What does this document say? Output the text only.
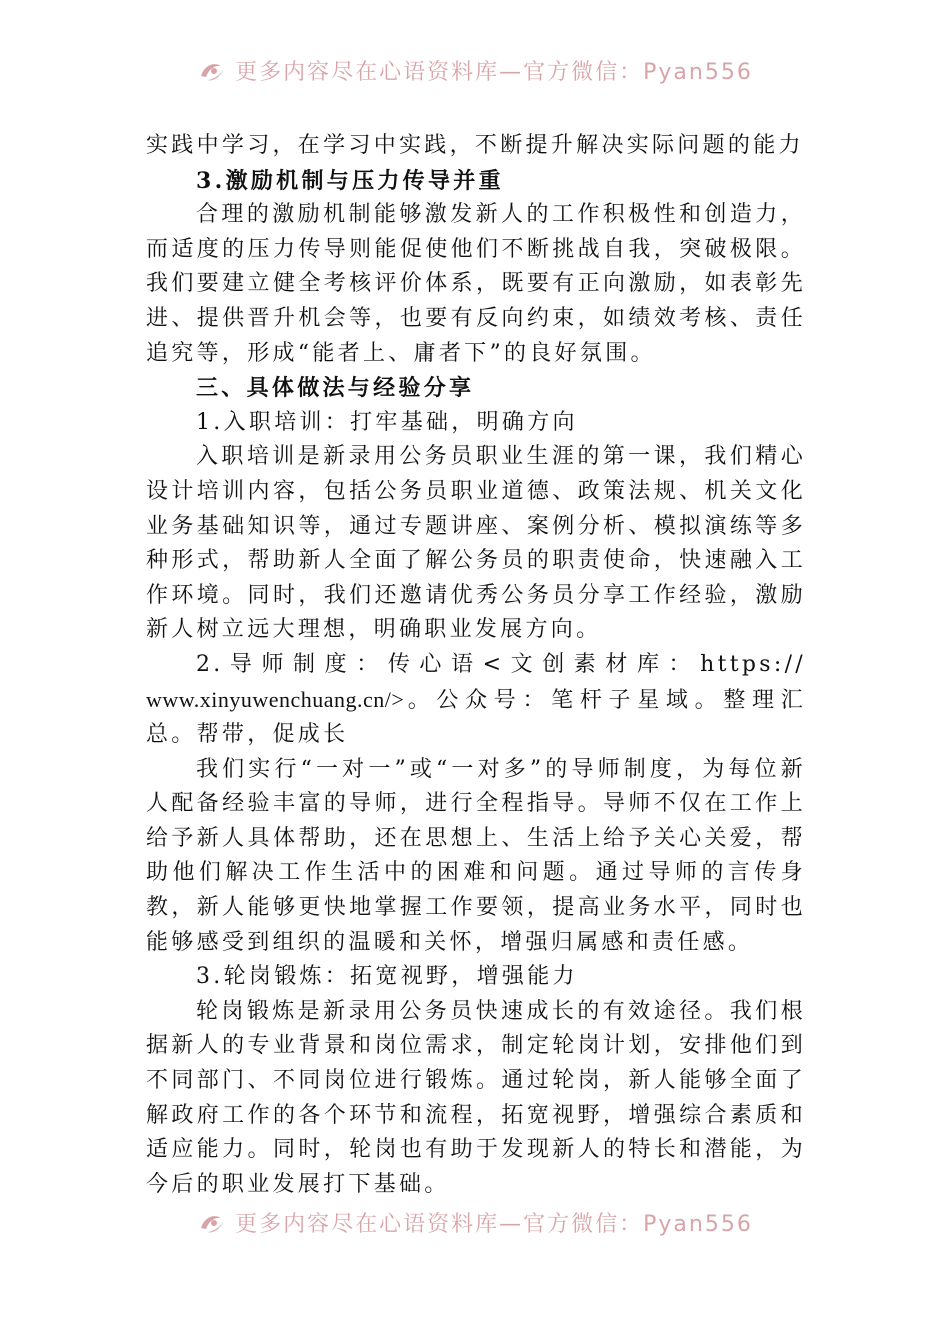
更多内容尽在心语资料库—官方微信：Pyan556

实践中学习，在学习中实践，不断提升解决实际问题的能力

3.激励机制与压力传导并重

合理的激励机制能够激发新人的工作积极性和创造力，而适度的压力传导则能促使他们不断挑战自我，突破极限。我们要建立健全考核评价体系，既要有正向激励，如表彰先进、提供晋升机会等，也要有反向约束，如绩效考核、责任追究等，形成“能者上、庸者下”的良好氛围。

三、具体做法与经验分享

1.入职培训：打牢基础，明确方向

入职培训是新录用公务员职业生涯的第一课，我们精心设计培训内容，包括公务员职业道德、政策法规、机关文化业务基础知识等，通过专题讲座、案例分析、模拟演练等多种形式，帮助新人全面了解公务员的职责使命，快速融入工作环境。同时，我们还邀请优秀公务员分享工作经验，激励新人树立远大理想，明确职业发展方向。

2.导师制度：传心语<文创素材库：https://

www.xinyuwenchuang.cn/>。公众号：笔杆子星域。整理汇总。帮带，促成长

我们实行“一对一”或“一对多”的导师制度，为每位新人配备经验丰富的导师，进行全程指导。导师不仅在工作上给予新人具体帮助，还在思想上、生活上给予关心关爱，帮助他们解决工作生活中的困难和问题。通过导师的言传身教，新人能够更快地掌握工作要领，提高业务水平，同时也能够感受到组织的温暖和关怀，增强归属感和责任感。

3.轮岗锻炼：拓宽视野，增强能力

轮岗锻炼是新录用公务员快速成长的有效途径。我们根据新人的专业背景和岗位需求，制定轮岗计划，安排他们到不同部门、不同岗位进行锻炼。通过轮岗，新人能够全面了解政府工作的各个环节和流程，拓宽视野，增强综合素质和适应能力。同时，轮岗也有助于发现新人的特长和潜能，为今后的职业发展打下基础。

更多内容尽在心语资料库—官方微信：Pyan556
